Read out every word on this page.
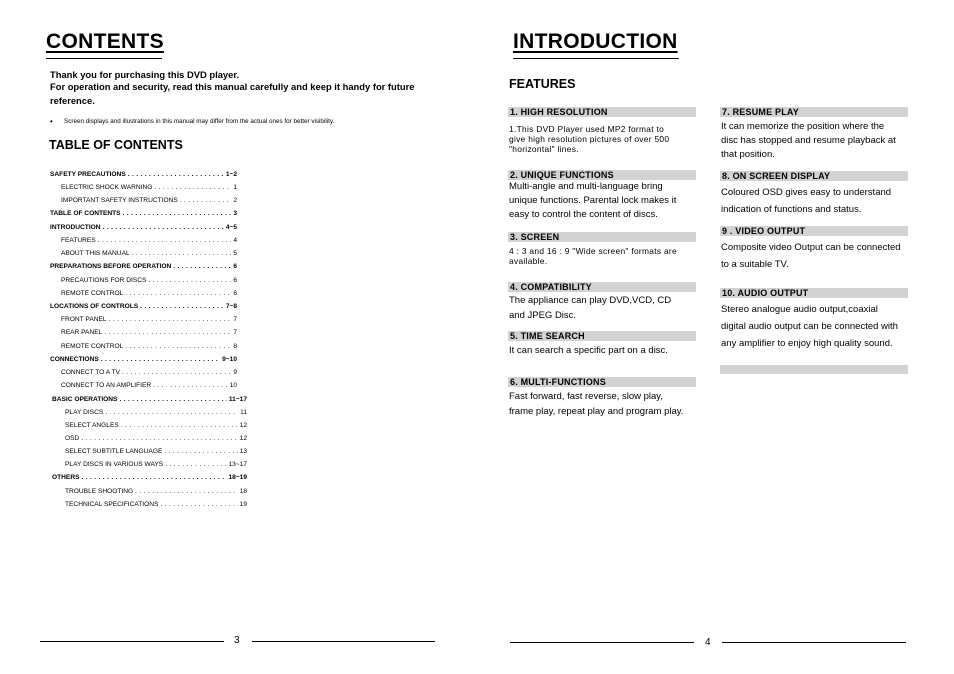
CONTENTS
Thank you for purchasing this DVD player.
For operation and security, read this manual carefully and keep it handy for future
reference.
• Screen displays and illustrations in this manual may differ from the actual ones for better visibility.
TABLE OF CONTENTS
SAFETY PRECAUTIONS . . .	1~2
ELECTRIC SHOCK WARNING . . .	1
IMPORTANT SAFETY INSTRUCTIONS . . .	2
TABLE OF CONTENTS . . .	3
INTRODUCTION . . .	4~5
FEATURES . . .	4
ABOUT THIS MANUAL . . .	5
PREPARATIONS BEFORE OPERATION . . .	6
PRECAUTIONS FOR DISCS . . .	6
REMOTE CONTROL . . .	6
LOCATIONS OF CONTROLS . . .	7~8
FRONT PANEL . . .	7
REAR PANEL . . .	7
REMOTE CONTROL . . .	8
CONNECTIONS . . .	9~10
CONNECT TO A TV . . .	9
CONNECT TO AN AMPLIFIER . . .	10
BASIC OPERATIONS . . .	11~17
PLAY DISCS . . .	11
SELECT ANGLES . . .	12
OSD . . .	12
SELECT SUBTITLE LANGUAGE . . .	13
PLAY DISCS IN VARIOUS WAYS . . .	13~17
OTHERS . . .	18~19
TROUBLE SHOOTING . . .	18
TECHNICAL SPECIFICATIONS . . .	19
3
INTRODUCTION
FEATURES
1. HIGH RESOLUTION
1.This DVD Player used MP2 format to
give high resolution pictures of over 500
"horizontal" lines.
2. UNIQUE FUNCTIONS
Multi-angle and multi-language bring
unique functions. Parental lock makes it
easy to control the content of discs.
3. SCREEN
4 : 3 and 16 : 9 "Wide screen" formats are
available.
4. COMPATIBILITY
The appliance can play DVD,VCD, CD
and JPEG Disc.
5. TIME SEARCH
It can search a specific part on a disc.
6. MULTI-FUNCTIONS
Fast forward, fast reverse, slow play,
frame play, repeat play and program play.
7. RESUME PLAY
It can memorize the position where the
disc has stopped and resume playback at
that position.
8. ON SCREEN DISPLAY
Coloured OSD gives easy to understand
indication of functions and status.
9 . VIDEO OUTPUT
Composite video Output can be connected
to a suitable TV.
10. AUDIO OUTPUT
Stereo analogue audio output,coaxial
digital audio output can be connected with
any amplifier to enjoy high quality sound.
4
